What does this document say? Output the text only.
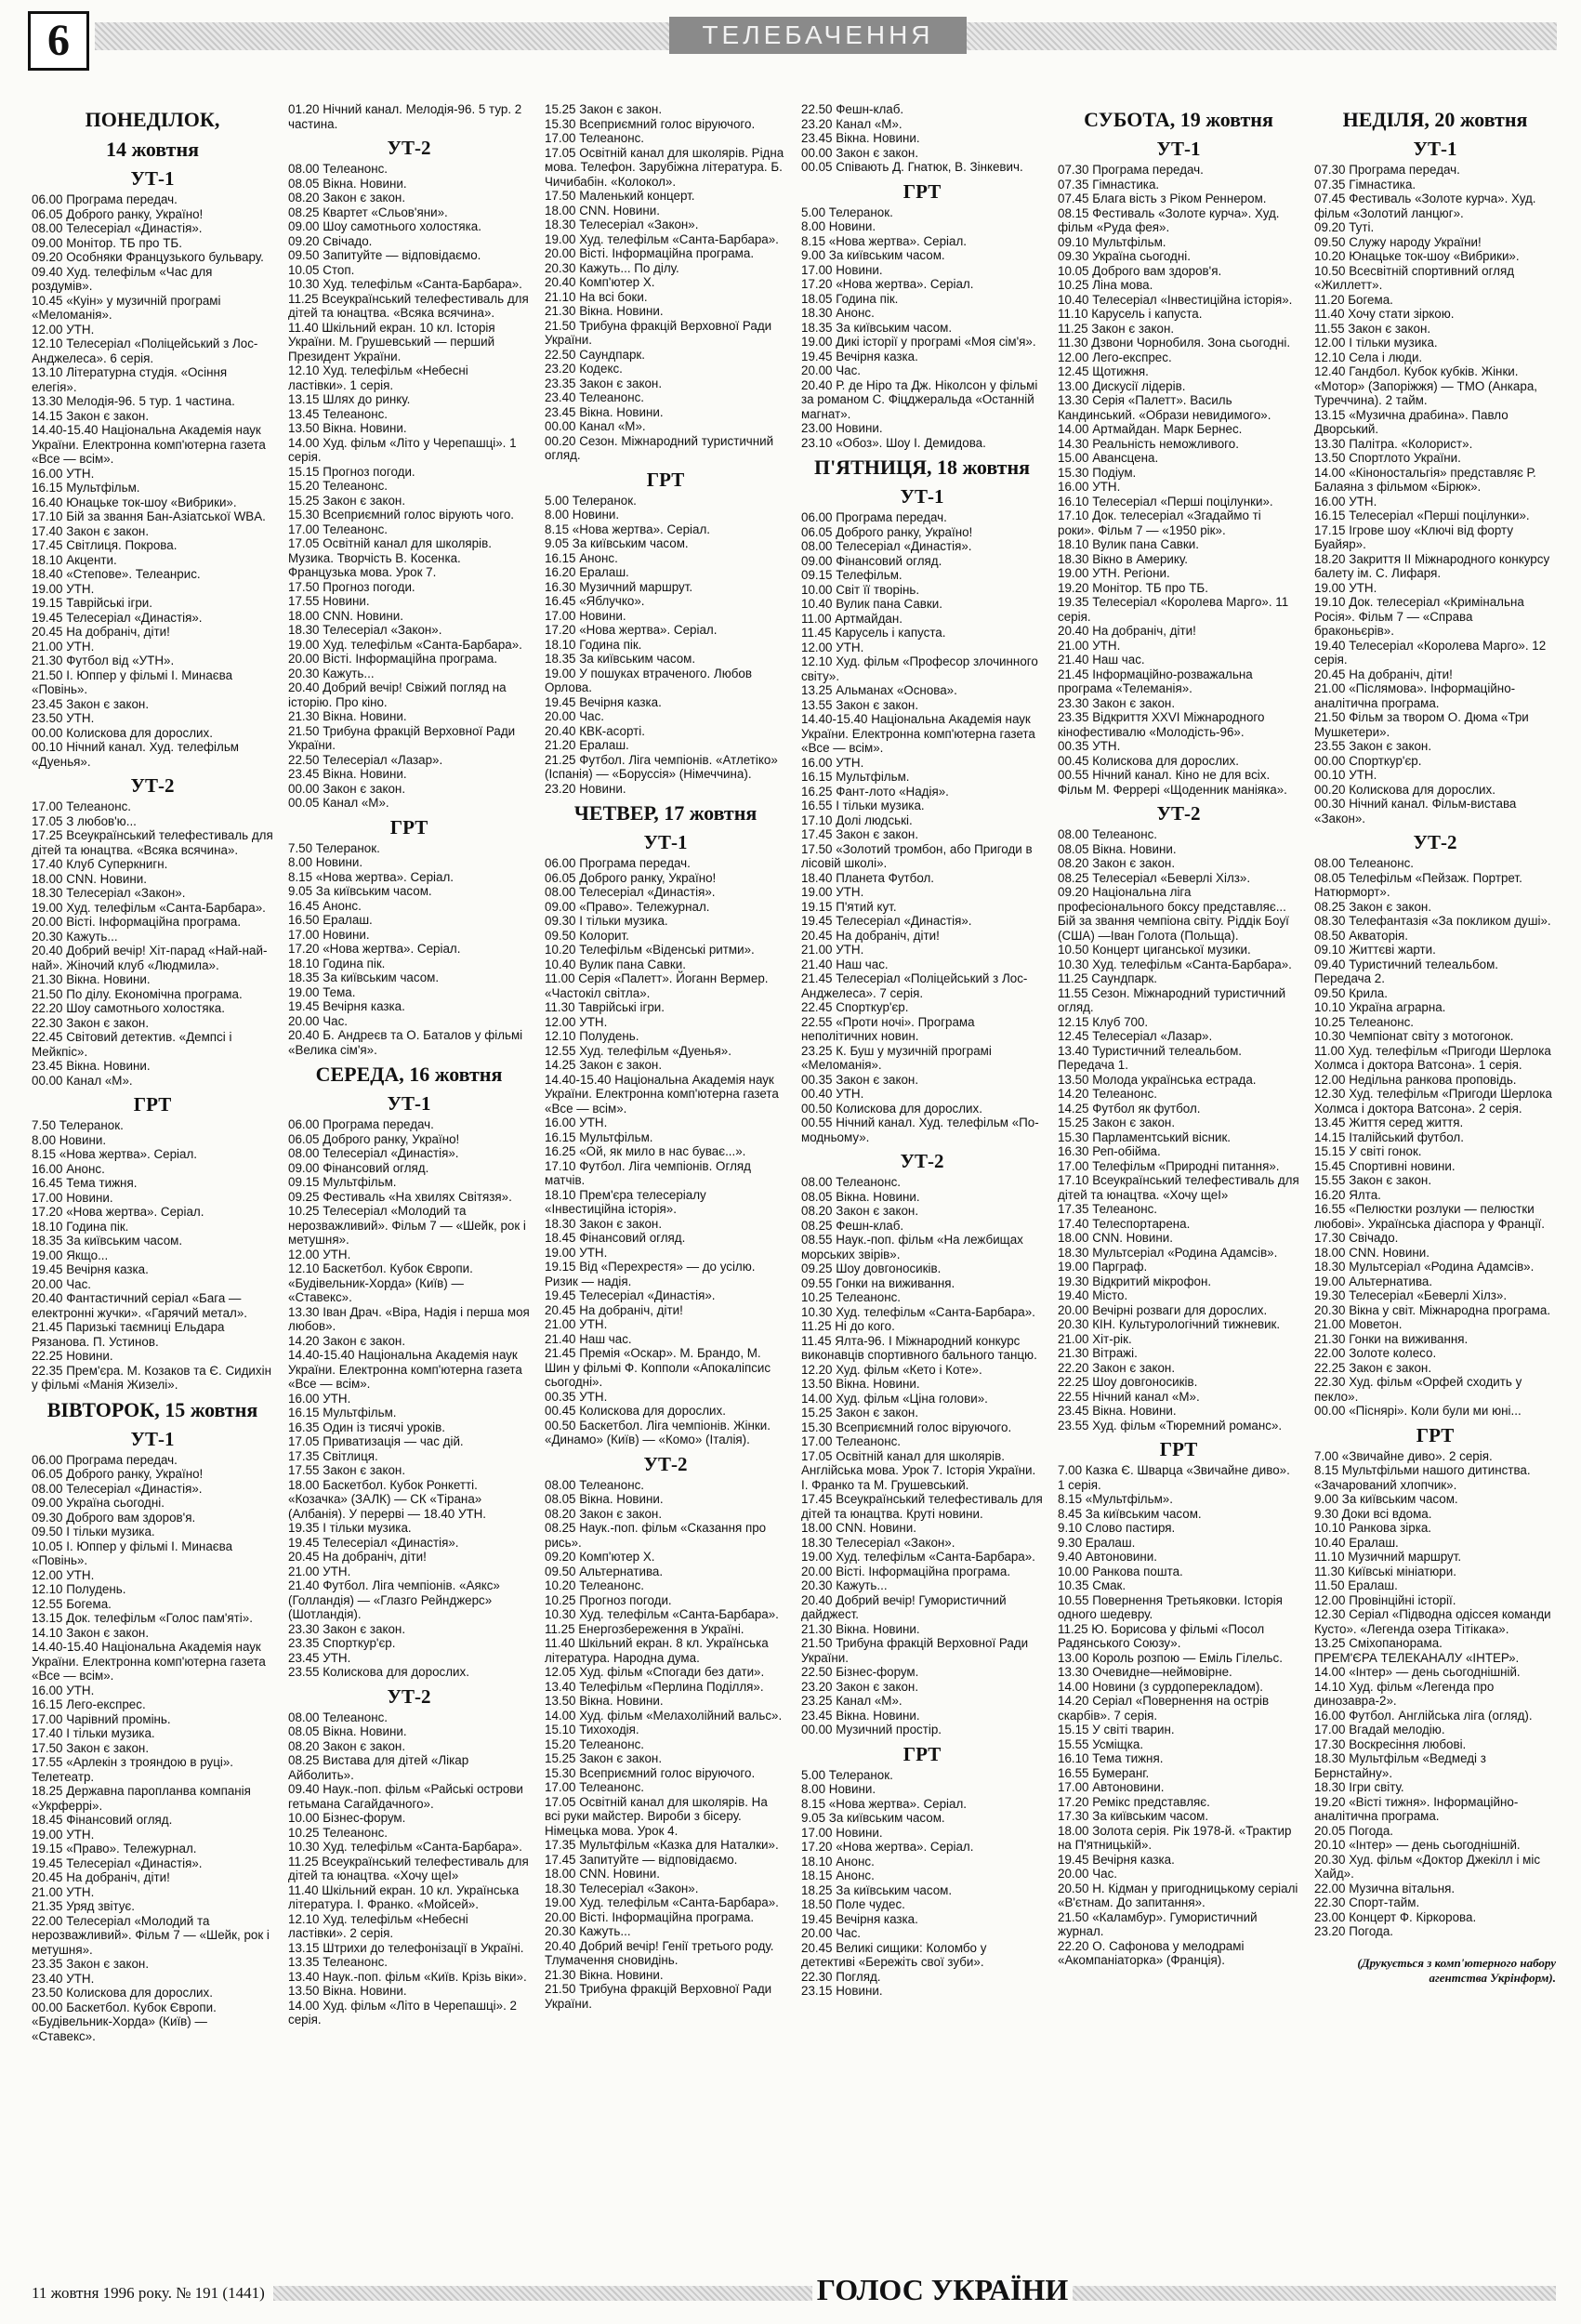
6	ТЕЛЕБАЧЕННЯ
ПОНЕДІЛОК,
14 жовтня
УТ-1
06.00 Програма передач.
06.05 Доброго ранку, Україно!
08.00 Телесеріал «Династія».
09.00 Монітор. ТБ про ТБ.
09.20 Особняки Французького бульвару.
09.40 Худ. телефільм «Час для роздумів».
10.45 «Куін» у музичній програмі «Меломанія».
12.00 УТН.
12.10 Телесеріал «Поліцейський з Лос-Анджелеса». 6 серія.
13.10 Літературна студія. «Осіння елегія».
13.30 Мелодія-96. 5 тур. 1 частина.
14.15 Закон є закон.
14.40-15.40 Національна Академія наук України. Електронна комп'ютерна газета «Все — всім».
16.00 УТН.
16.15 Мультфільм.
16.40 Юнацьке ток-шоу «Вибрики».
17.10 Бій за звання Бан-Азіатської WBA.
17.40 Закон є закон.
17.45 Світлиця. Покрова.
18.10 Акценти.
18.40 «Степове». Телеанрис.
19.00 УТН.
19.15 Таврійські ігри.
19.45 Телесеріал «Династія».
20.45 На добраніч, діти!
21.00 УТН.
21.30 Футбол від «УТН».
21.50 І. Юппер у фільмі І. Минаєва «Повінь».
23.45 Закон є закон.
23.50 УТН.
00.00 Колискова для дорослих.
00.10 Нічний канал. Худ. телефільм «Дуенья».
УТ-2
17.00 Телеанонс.
17.05 З любов'ю...
17.25 Всеукраїнський телефестиваль для дітей та юнацтва. «Всяка всячина».
17.40 Клуб Суперкнигн.
18.00 CNN. Новини.
18.30 Телесеріал «Закон».
19.00 Худ. телефільм «Санта-Барбара».
20.00 Вісті. Інформаційна програма.
20.30 Кажуть...
20.40 Добрий вечір! Хіт-парад «Най-най-най». Жіночий клуб «Людмила».
21.30 Вікна. Новини.
21.50 По ділу. Економічна програма.
22.20 Шоу самотнього холостяка.
22.30 Закон є закон.
22.45 Світовий детектив. «Демпсі і Мейкпіс».
23.45 Вікна. Новини.
00.00 Канал «М».
ГРТ
7.50 Телеранок.
8.00 Новини.
8.15 «Нова жертва». Серіал.
16.00 Анонс.
16.45 Тема тижня.
17.00 Новини.
17.20 «Нова жертва». Серіал.
18.10 Година пік.
18.35 За київським часом.
19.00 Якщо...
19.45 Вечірня казка.
20.00 Час.
20.40 Фантастичний серіал «Бага — електронні жучки». «Гарячий метал».
21.45 Паризькі таємниці Ельдара Рязанова. П. Устинов.
22.25 Новини.
22.35 Прем'єра. М. Козаков та Є. Сидихін у фільмі «Манія Жизелі».
ВІВТОРОК, 15 жовтня
УТ-1
06.00 Програма передач.
06.05 Доброго ранку, Україно!
08.00 Телесеріал «Династія».
09.00 Україна сьогодні.
09.30 Доброго вам здоров'я.
09.50 І тільки музика.
10.05 І. Юппер у фільмі І. Минаєва «Повінь».
12.00 УТН.
12.10 Полудень.
12.55 Богема.
13.15 Док. телефільм «Голос пам'яті».
14.10 Закон є закон.
14.40-15.40 Національна Академія наук України. Електронна комп'ютерна газета «Все — всім».
16.00 УТН.
16.15 Лего-експрес.
17.00 Чарівний промінь.
17.40 І тільки музика.
17.50 Закон є закон.
17.55 «Арлекін з трояндою в руці». Телетеатр.
18.25 Державна паропланва компанія «Укрферрі».
18.45 Фінансовий огляд.
19.00 УТН.
19.15 «Право». Тележурнал.
19.45 Телесеріал «Династія».
20.45 На добраніч, діти!
21.00 УТН.
21.35 Уряд звітує.
22.00 Телесеріал «Молодий та нерозважливий». Фільм 7 — «Шейк, рок і метушня».
23.35 Закон є закон.
23.40 УТН.
23.50 Колискова для дорослих.
00.00 Баскетбол. Кубок Європи. «Будівельник-Хорда» (Київ) — «Ставекс».
01.20 Нічний канал. Мелодія-96. 5 тур. 2 частина.
УТ-2
08.00 Телеанонс.
08.05 Вікна. Новини.
08.20 Закон є закон.
08.25 Квартет «Сльов'яни».
09.00 Шоу самотнього холостяка.
09.20 Свічадо.
09.50 Запитуйте — відповідаємо.
10.05 Стоп.
10.30 Худ. телефільм «Санта-Барбара».
11.25 Всеукраїнський телефестиваль для дітей та юнацтва. «Всяка всячина».
11.40 Шкільний екран. 10 кл. Історія України. М. Грушевський — перший Президент України.
12.10 Худ. телефільм «Небесні ластівки». 1 серія.
13.15 Шлях до ринку.
13.45 Телеанонс.
13.50 Вікна. Новини.
14.00 Худ. фільм «Літо у Черепашці». 1 серія.
15.15 Прогноз погоди.
15.20 Телеанонс.
15.25 Закон є закон.
15.30 Всеприємний голос вірують чого.
17.00 Телеанонс.
17.05 Освітній канал для школярів. Музика. Творчість В. Косенка. Французька мова. Урок 7.
17.50 Прогноз погоди.
17.55 Новини.
18.00 CNN. Новини.
18.30 Телесеріал «Закон».
19.00 Худ. телефільм «Санта-Барбара».
20.00 Вісті. Інформаційна програма.
20.30 Кажуть...
20.40 Добрий вечір! Свіжий погляд на історію. Про кіно.
21.30 Вікна. Новини.
21.50 Трибуна фракцій Верховної Ради України.
22.50 Телесеріал «Лазар».
23.45 Вікна. Новини.
00.00 Закон є закон.
00.05 Канал «М».
ГРТ
7.50 Телеранок.
8.00 Новини.
8.15 «Нова жертва». Серіал.
9.05 За київським часом.
16.45 Анонс.
16.50 Ералаш.
17.00 Новини.
17.20 «Нова жертва». Серіал.
18.10 Година пік.
18.35 За київським часом.
19.00 Тема.
19.45 Вечірня казка.
20.00 Час.
20.40 Б. Андреєв та О. Баталов у фільмі «Велика сім'я».
СЕРЕДА, 16 жовтня
УТ-1
06.00 Програма передач.
06.05 Доброго ранку, Україно!
08.00 Телесеріал «Династія».
09.00 Фінансовий огляд.
09.15 Мультфільм.
09.25 Фестиваль «На хвилях Світязя».
10.25 Телесеріал «Молодий та нерозважливий». Фільм 7 — «Шейк, рок і метушня».
12.00 УТН.
12.10 Баскетбол. Кубок Європи. «Будівельник-Хорда» (Київ) — «Ставекс».
13.30 Іван Драч. «Віра, Надія і перша моя любов».
14.20 Закон є закон.
14.40-15.40 Національна Академія наук України. Електронна комп'ютерна газета «Все — всім».
16.00 УТН.
16.15 Мультфільм.
16.35 Один із тисячі уроків.
17.05 Приватизація — час дій.
17.35 Світлиця.
17.55 Закон є закон.
18.00 Баскетбол. Кубок Ронкетті. «Козачка» (ЗАЛК) — СК «Тірана» (Албанія). У перерві — 18.40 УТН.
19.35 І тільки музика.
19.45 Телесеріал «Династія».
20.45 На добраніч, діти!
21.00 УТН.
21.40 Футбол. Ліга чемпіонів. «Аякс» (Голландія) — «Глазго Рейнджерс» (Шотландія).
23.30 Закон є закон.
23.35 Спорткур'єр.
23.45 УТН.
23.55 Колискова для дорослих.
УТ-2
08.00 Телеанонс.
08.05 Вікна. Новини.
08.20 Закон є закон.
08.25 Вистава для дітей «Лікар Айболить».
09.40 Наук.-поп. фільм «Райські острови гетьмана Сагайдачного».
10.00 Бізнес-форум.
10.25 Телеанонс.
10.30 Худ. телефільм «Санта-Барбара».
11.25 Всеукраїнський телефестиваль для дітей та юнацтва. «Хочу щеІ»
11.40 Шкільний екран. 10 кл. Українська література. І. Франко. «Мойсей».
12.10 Худ. телефільм «Небесні ластівки». 2 серія.
13.15 Штрихи до телефонізації в Україні.
13.35 Телеанонс.
13.40 Наук.-поп. фільм «Київ. Крізь віки».
13.50 Вікна. Новини.
14.00 Худ. фільм «Літо в Черепашці». 2 серія.
15.25 Закон є закон.
15.30 Всеприємний голос віруючого.
17.00 Телеанонс.
17.05 Освітній канал для школярів. Рідна мова. Телефон. Зарубіжна література. Б. Чичибабін. «Колокол».
17.50 Маленький концерт.
18.00 CNN. Новини.
18.30 Телесеріал «Закон».
19.00 Худ. телефільм «Санта-Барбара».
20.00 Вісті. Інформаційна програма.
20.30 Кажуть... По ділу.
20.40 Комп'ютер Х.
21.10 На всі боки.
21.30 Вікна. Новини.
21.50 Трибуна фракцій Верховної Ради України.
22.50 Саундпарк.
23.20 Кодекс.
23.35 Закон є закон.
23.40 Телеанонс.
23.45 Вікна. Новини.
00.00 Канал «М».
00.20 Сезон. Міжнародний туристичний огляд.
ГРТ
5.00 Телеранок.
8.00 Новини.
8.15 «Нова жертва». Серіал.
9.05 За київським часом.
16.15 Анонс.
16.20 Ералаш.
16.30 Музичний маршрут.
16.45 «Яблучко».
17.00 Новини.
17.20 «Нова жертва». Серіал.
18.10 Година пік.
18.35 За київським часом.
19.00 У пошуках втраченого. Любов Орлова.
19.45 Вечірня казка.
20.00 Час.
20.40 КВК-асорті.
21.20 Ералаш.
21.25 Футбол. Ліга чемпіонів. «Атлетіко» (Іспанія) — «Боруссія» (Німеччина).
23.20 Новини.
ЧЕТВЕР, 17 жовтня
УТ-1
06.00 Програма передач.
06.05 Доброго ранку, Україно!
08.00 Телесеріал «Династія».
09.00 «Право». Тележурнал.
09.30 І тільки музика.
09.50 Колорит.
10.20 Телефільм «Віденські ритми».
10.40 Вулик пана Савки.
11.00 Серія «Палетт». Йоганн Вермер. «Частокіл світла».
11.30 Таврійські ігри.
12.00 УТН.
12.10 Полудень.
12.55 Худ. телефільм «Дуенья».
14.25 Закон є закон.
14.40-15.40 Національна Академія наук України. Електронна комп'ютерна газета «Все — всім».
16.00 УТН.
16.15 Мультфільм.
16.25 «Ой, як мило в нас буває...».
17.10 Футбол. Ліга чемпіонів. Огляд матчів.
18.10 Прем'єра телесеріалу «Інвестиційна історія».
18.30 Закон є закон.
18.45 Фінансовий огляд.
19.00 УТН.
19.15 Від «Перехрестя» — до усілю. Ризик — надія.
19.45 Телесеріал «Династія».
20.45 На добраніч, діти!
21.00 УТН.
21.40 Наш час.
21.45 Премія «Оскар». М. Брандо, М. Шин у фільмі Ф. Копполи «Апокаліпсис сьогодні».
00.35 УТН.
00.45 Колискова для дорослих.
00.50 Баскетбол. Ліга чемпіонів. Жінки. «Динамо» (Київ) — «Комо» (Італія).
УТ-2
08.00 Телеанонс.
08.05 Вікна. Новини.
08.20 Закон є закон.
08.25 Наук.-поп. фільм «Сказання про рись».
09.20 Комп'ютер Х.
09.50 Альтернатива.
10.20 Телеанонс.
10.25 Прогноз погоди.
10.30 Худ. телефільм «Санта-Барбара».
11.25 Енергозбереження в Україні.
11.40 Шкільний екран. 8 кл. Українська література. Народна дума.
12.05 Худ. фільм «Спогади без дати».
13.40 Телефільм «Перлина Поділля».
13.50 Вікна. Новини.
14.00 Худ. фільм «Мелахолійний вальс».
15.10 Тихоходія.
15.20 Телеанонс.
15.25 Закон є закон.
15.30 Всеприємний голос віруючого.
17.00 Телеанонс.
17.05 Освітній канал для школярів. На всі руки майстер. Вироби з бісеру. Німецька мова. Урок 4.
17.35 Мультфільм «Казка для Наталки».
17.45 Запитуйте — відповідаємо.
18.00 CNN. Новини.
18.30 Телесеріал «Закон».
19.00 Худ. телефільм «Санта-Барбара».
20.00 Вісті. Інформаційна програма.
20.30 Кажуть...
20.40 Добрий вечір! Генії третього роду. Тлумачення сновидінь.
21.30 Вікна. Новини.
21.50 Трибуна фракцій Верховної Ради України.
22.50 Фешн-клаб.
23.20 Канал «М».
23.45 Вікна. Новини.
00.00 Закон є закон.
00.05 Співають Д. Гнатюк, В. Зінкевич.
ГРТ
5.00 Телеранок.
8.00 Новини.
8.15 «Нова жертва». Серіал.
9.00 За київським часом.
17.00 Новини.
17.20 «Нова жертва». Серіал.
18.05 Година пік.
18.30 Анонс.
18.35 За київським часом.
19.00 Дикі історії у програмі «Моя сім'я».
19.45 Вечірня казка.
20.00 Час.
20.40 Р. де Ніро та Дж. Ніколсон у фільмі за романом С. Фіцджеральда «Останній магнат».
23.00 Новини.
23.10 «Обоз». Шоу І. Демидова.
П'ЯТНИЦЯ, 18 жовтня
УТ-1
06.00 Програма передач.
06.05 Доброго ранку, Україно!
08.00 Телесеріал «Династія».
09.00 Фінансовий огляд.
09.15 Телефільм.
10.00 Світ її творінь.
10.40 Вулик пана Савки.
11.00 Артмайдан.
11.45 Карусель і капуста.
12.00 УТН.
12.10 Худ. фільм «Професор злочинного світу».
13.25 Альманах «Основа».
13.55 Закон є закон.
14.40-15.40 Національна Академія наук України. Електронна комп'ютерна газета «Все — всім».
16.00 УТН.
16.15 Мультфільм.
16.25 Фант-лото «Надія».
16.55 І тільки музика.
17.10 Долі людські.
17.45 Закон є закон.
17.50 «Золотий тромбон, або Пригоди в лісовій школі».
18.40 Планета Футбол.
19.00 УТН.
19.15 П'ятий кут.
19.45 Телесеріал «Династія».
20.45 На добраніч, діти!
21.00 УТН.
21.40 Наш час.
21.45 Телесеріал «Поліцейський з Лос-Анджелеса». 7 серія.
22.45 Спорткур'єр.
22.55 «Проти ночі». Програма неполітичних новин.
23.25 К. Буш у музичній програмі «Меломанія».
00.35 Закон є закон.
00.40 УТН.
00.50 Колискова для дорослих.
00.55 Нічний канал. Худ. телефільм «По-модньому».
УТ-2
08.00 Телеанонс.
08.05 Вікна. Новини.
08.20 Закон є закон.
08.25 Фешн-клаб.
08.55 Наук.-поп. фільм «На лежбищах морських звірів».
09.25 Шоу довгоносиків.
09.55 Гонки на виживання.
10.25 Телеанонс.
10.30 Худ. телефільм «Санта-Барбара».
11.25 Ні до кого.
11.45 Ялта-96. І Міжнародний конкурс виконавців спортивного бального танцю.
12.20 Худ. фільм «Кето і Коте».
13.50 Вікна. Новини.
14.00 Худ. фільм «Ціна голови».
15.25 Закон є закон.
15.30 Всеприємний голос віруючого.
17.00 Телеанонс.
17.05 Освітній канал для школярів. Англійська мова. Урок 7. Історія України. І. Франко та М. Грушевський.
17.45 Всеукраїнський телефестиваль для дітей та юнацтва. Круті новини.
18.00 CNN. Новини.
18.30 Телесеріал «Закон».
19.00 Худ. телефільм «Санта-Барбара».
20.00 Вісті. Інформаційна програма.
20.30 Кажуть...
20.40 Добрий вечір! Гумористичний дайджест.
21.30 Вікна. Новини.
21.50 Трибуна фракцій Верховної Ради України.
22.50 Бізнес-форум.
23.20 Закон є закон.
23.25 Канал «М».
23.45 Вікна. Новини.
00.00 Музичний простір.
ГРТ
5.00 Телеранок.
8.00 Новини.
8.15 «Нова жертва». Серіал.
9.05 За київським часом.
17.00 Новини.
17.20 «Нова жертва». Серіал.
18.10 Анонс.
18.15 Анонс.
18.25 За київським часом.
18.50 Поле чудес.
19.45 Вечірня казка.
20.00 Час.
20.45 Великі сищики: Коломбо у детективі «Бережіть свої зуби».
22.30 Погляд.
23.15 Новини.
СУБОТА, 19 жовтня
УТ-1
07.30 Програма передач.
07.35 Гімнастика.
07.45 Блага вість з Ріком Реннером.
08.15 Фестиваль «Золоте курча». Худ. фільм «Руда фея».
09.10 Мультфільм.
09.30 Україна сьогодні.
10.05 Доброго вам здоров'я.
10.25 Ліна мова.
10.40 Телесеріал «Інвестиційна історія».
11.10 Карусель і капуста.
11.25 Закон є закон.
11.30 Дзвони Чорнобиля. Зона сьогодні.
12.00 Лего-експрес.
12.45 Щотижня.
13.00 Дискусії лідерів.
13.30 Серія «Палетт». Василь Кандинський. «Образи невидимого».
14.00 Артмайдан. Марк Бернес.
14.30 Реальність неможливого.
15.00 Авансцена.
15.30 Подіум.
16.00 УТН.
16.10 Телесеріал «Перші поцілунки».
17.10 Док. телесеріал «Згадаймо ті роки». Фільм 7 — «1950 рік».
18.10 Вулик пана Савки.
18.30 Вікно в Америку.
19.00 УТН. Регіони.
19.20 Монітор. ТБ про ТБ.
19.35 Телесеріал «Королева Марго». 11 серія.
20.40 На добраніч, діти!
21.00 УТН.
21.40 Наш час.
21.45 Інформаційно-розважальна програма «Телеманія».
23.30 Закон є закон.
23.35 Відкриття XXVI Міжнародного кінофестивалю «Молодість-96».
00.35 УТН.
00.45 Колискова для дорослих.
00.55 Нічний канал. Кіно не для всіх. Фільм М. Феррері «Щоденник маніяка».
УТ-2
08.00 Телеанонс.
08.05 Вікна. Новини.
08.20 Закон є закон.
08.25 Телесеріал «Беверлі Хілз».
09.20 Національна ліга професіонального боксу представляє... Бій за звання чемпіона світу. Ріддік Боуї (США) —Іван Голота (Польща).
10.50 Концерт циганської музики.
10.30 Худ. телефільм «Санта-Барбара».
11.25 Саундпарк.
11.55 Сезон. Міжнародний туристичний огляд.
12.15 Клуб 700.
12.45 Телесеріал «Лазар».
13.40 Туристичний телеальбом. Передача 1.
13.50 Молода українська естрада.
14.20 Телеанонс.
14.25 Футбол як футбол.
15.25 Закон є закон.
15.30 Парламентський вісник.
16.30 Реп-обійма.
17.00 Телефільм «Природні питання».
17.10 Всеукраїнський телефестиваль для дітей та юнацтва. «Хочу щеІ»
17.35 Телеанонс.
17.40 Телеспортарена.
18.00 CNN. Новини.
18.30 Мультсеріал «Родина Адамсів».
19.00 Парграф.
19.30 Відкритий мікрофон.
19.40 Місто.
20.00 Вечірні розваги для дорослих.
20.30 КІН. Культурологічний тижневик.
21.00 Хіт-рік.
21.30 Вітражі.
22.20 Закон є закон.
22.25 Шоу довгоносиків.
22.55 Нічний канал «М».
23.45 Вікна. Новини.
23.55 Худ. фільм «Тюремний романс».
ГРТ
7.00 Казка Є. Шварца «Звичайне диво». 1 серія.
8.15 «Мультфільм».
8.45 За київським часом.
9.10 Слово пастиря.
9.30 Ералаш.
9.40 Автоновини.
10.00 Ранкова пошта.
10.35 Смак.
10.55 Повернення Третьяковки. Історія одного шедевру.
11.25 Ю. Борисова у фільмі «Посол Радянського Союзу».
13.00 Король розпою — Еміль Гілельс.
13.30 Очевидне—неймовірне.
14.00 Новини (з сурдоперекладом).
14.20 Серіал «Повернення на острів скарбів». 7 серія.
15.15 У світі тварин.
15.55 Усміщка.
16.10 Тема тижня.
16.55 Бумеранг.
17.00 Автоновини.
17.20 Ремікс представляє.
17.30 За київським часом.
18.00 Золота серія. Рік 1978-й. «Трактир на П'ятницькій».
19.45 Вечірня казка.
20.00 Час.
20.50 Н. Кідман у пригодницькому серіалі «В'єтнам. До запитання».
21.50 «Каламбур». Гумористичний журнал.
22.20 О. Сафонова у мелодрамі «Акомпаніаторка» (Франція).
НЕДІЛЯ, 20 жовтня
УТ-1
07.30 Програма передач.
07.35 Гімнастика.
07.45 Фестиваль «Золоте курча». Худ. фільм «Золотий ланцюг».
09.20 Туті.
09.50 Служу народу України!
10.20 Юнацьке ток-шоу «Вибрики».
10.50 Всесвітній спортивний огляд «Жиллетт».
11.20 Богема.
11.40 Хочу стати зіркою.
11.55 Закон є закон.
12.00 І тільки музика.
12.10 Села і люди.
12.40 Гандбол. Кубок кубків. Жінки. «Мотор» (Запоріжжя) — ТМО (Анкара, Туреччина). 2 тайм.
13.15 «Музична драбина». Павло Дворський.
13.30 Палітра. «Колорист».
13.50 Спортлото України.
14.00 «Кіноностальгія» представляє Р. Балаяна з фільмом «Бірюк».
16.00 УТН.
16.15 Телесеріал «Перші поцілунки».
17.15 Ігрове шоу «Ключі від форту Буайяр».
18.20 Закриття II Міжнародного конкурсу балету ім. С. Лифаря.
19.00 УТН.
19.10 Док. телесеріал «Кримінальна Росія». Фільм 7 — «Справа браконьєрів».
19.40 Телесеріал «Королева Марго». 12 серія.
20.45 На добраніч, діти!
21.00 «Післямова». Інформаційно-аналітична програма.
21.50 Фільм за твором О. Дюма «Три Мушкетери».
23.55 Закон є закон.
00.00 Спорткур'єр.
00.10 УТН.
00.20 Колискова для дорослих.
00.30 Нічний канал. Фільм-вистава «Закон».
УТ-2
08.00 Телеанонс.
08.05 Телефільм «Пейзаж. Портрет. Натюрморт».
08.25 Закон є закон.
08.30 Телефантазія «За покликом душі».
08.50 Акваторія.
09.10 Життєві жарти.
09.40 Туристичний телеальбом. Передача 2.
09.50 Крила.
10.10 Україна аграрна.
10.25 Телеанонс.
10.30 Чемпіонат світу з мотогонок.
11.00 Худ. телефільм «Пригоди Шерлока Холмса і доктора Ватсона». 1 серія.
12.00 Недільна ранкова проповідь.
12.30 Худ. телефільм «Пригоди Шерлока Холмса і доктора Ватсона». 2 серія.
13.45 Життя серед життя.
14.15 Італійський футбол.
15.15 У світі гонок.
15.45 Спортивні новини.
15.55 Закон є закон.
16.20 Ялта.
16.55 «Пелюстки розлуки — пелюстки любові». Українська діаспора у Франції.
17.30 Свічадо.
18.00 CNN. Новини.
18.30 Мультсеріал «Родина Адамсів».
19.00 Альтернатива.
19.30 Телесеріал «Беверлі Хілз».
20.30 Вікна у світ. Міжнародна програма.
21.00 Моветон.
21.30 Гонки на виживання.
22.00 Золоте колесо.
22.25 Закон є закон.
22.30 Худ. фільм «Орфей сходить у пекло».
00.00 «Піснярі». Коли були ми юні...
ГРТ
7.00 «Звичайне диво». 2 серія.
8.15 Мультфільми нашого дитинства. «Зачарований хлопчик».
9.00 За київським часом.
9.30 Доки всі вдома.
10.10 Ранкова зірка.
10.40 Ералаш.
11.10 Музичний маршрут.
11.30 Київські мініатюри.
11.50 Ералаш.
12.00 Провінційні історії.
12.30 Серіал «Підводна одіссея команди Кусто». «Легенда озера Тітікака».
13.25 Сміхопанорама.
ПРЕМ'ЄРА ТЕЛЕКАНАЛУ «ІНТЕР».
14.00 «Інтер» — день сьогоднішній.
14.10 Худ. фільм «Легенда про динозавра-2».
16.00 Футбол. Англійська ліга (огляд).
17.00 Вгадай мелодію.
17.30 Воскресіння любові.
18.30 Мультфільм «Ведмеді з Бернстайну».
18.30 Ігри світу.
19.20 «Вісті тижня». Інформаційно-аналітична програма.
20.05 Погода.
20.10 «Інтер» — день сьогоднішній.
20.30 Худ. фільм «Доктор Джекілл і міс Хайд».
22.00 Музична вітальня.
22.30 Спорт-тайм.
23.00 Концерт Ф. Кіркорова.
23.20 Погода.
(Друкується з комп'ютерного набору агентства Укрінформ).
11 жовтня 1996 року. № 191 (1441)	ГОЛОС УКРАЇНИ
